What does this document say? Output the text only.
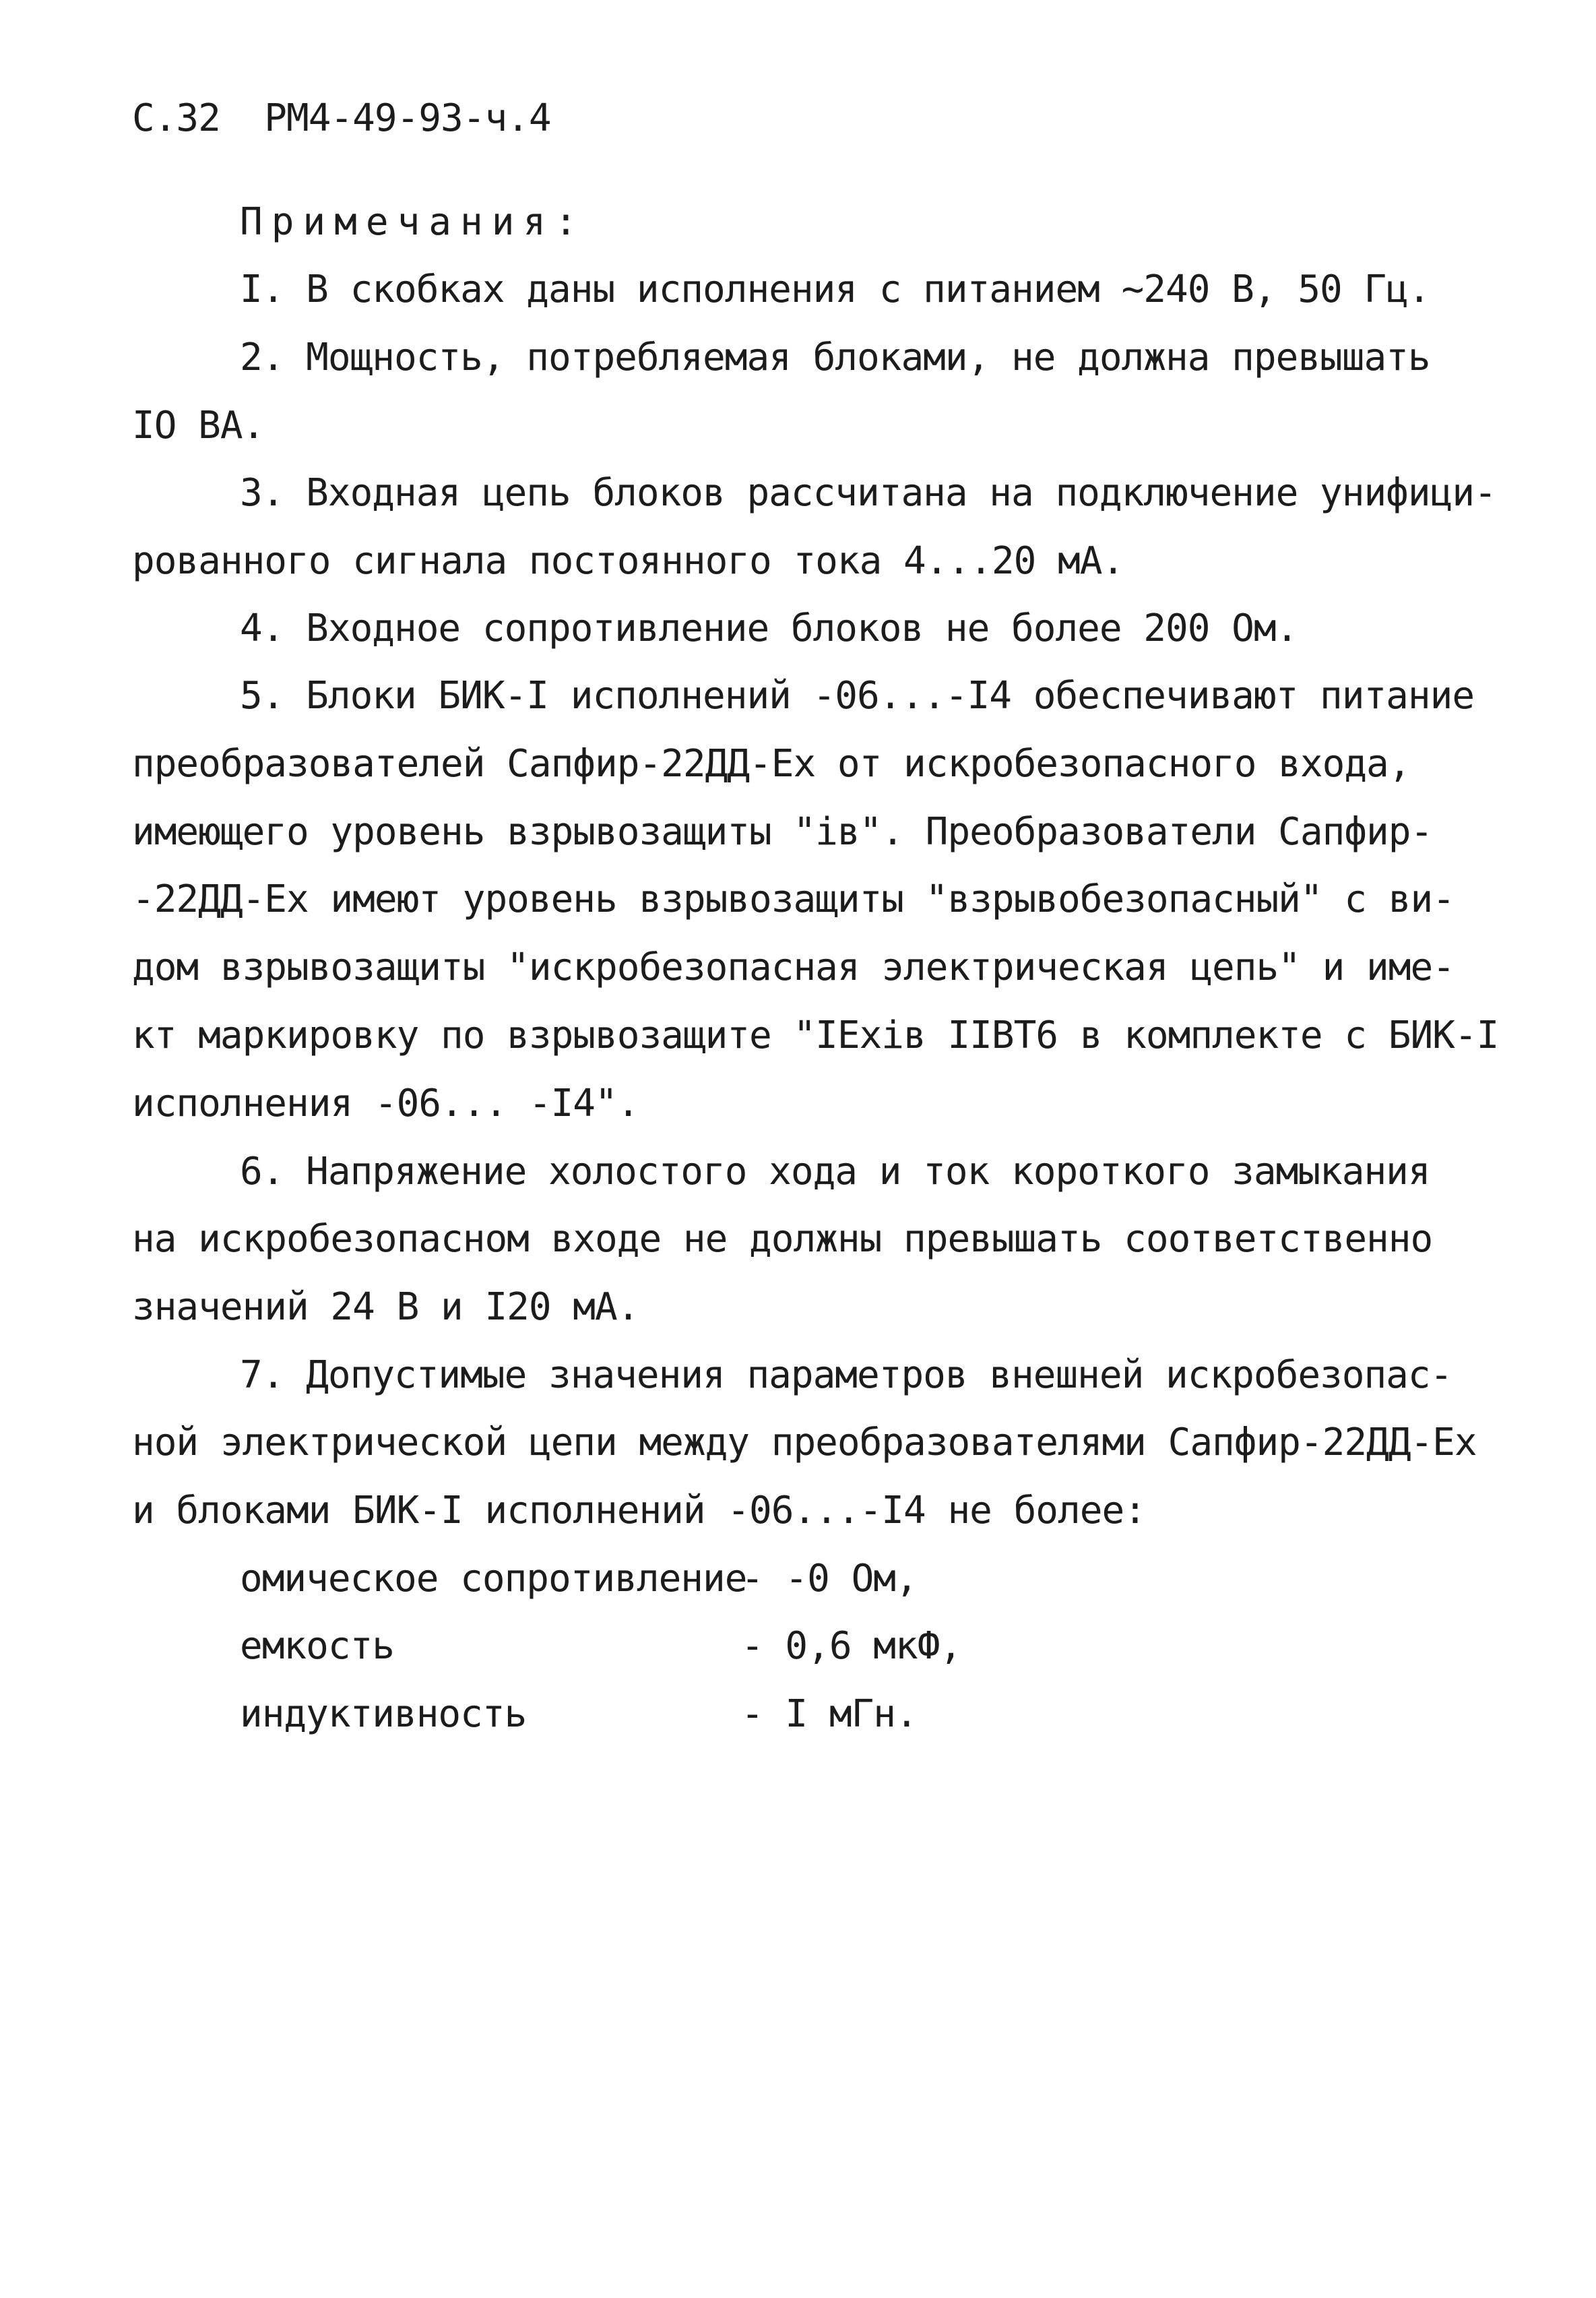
С.32  РМ4-49-93-ч.4
Примечания:
I. В скобках даны исполнения с питанием ~240 В, 50 Гц.
2. Мощность, потребляемая блоками, не должна превышать
IO ВА.
3. Входная цепь блоков рассчитана на подключение унифици-
рованного сигнала постоянного тока 4...20 мА.
4. Входное сопротивление блоков не более 200 Ом.
5. Блоки БИК-I исполнений -06...-I4 обеспечивают питание
преобразователей Сапфир-22ДД-Ех от искробезопасного входа,
имеющего уровень взрывозащиты "iв". Преобразователи Сапфир-
-22ДД-Ех имеют уровень взрывозащиты "взрывобезопасный" с ви-
дом взрывозащиты "искробезопасная электрическая цепь" и име-
кт маркировку по взрывозащите "IЕхiв IIВТ6 в комплекте с БИК-I
исполнения -06... -I4".
6. Напряжение холостого хода и ток короткого замыкания
на искробезопасном входе не должны превышать соответственно
значений 24 В и I20 мА.
7. Допустимые значения параметров внешней искробезопас-
ной электрической цепи между преобразователями Сапфир-22ДД-Ех
и блоками БИК-I исполнений -06...-I4 не более:
омическое сопротивление
- -0 Ом,
емкость	- 0,6 мкФ,
индуктивность	- I мГн.
